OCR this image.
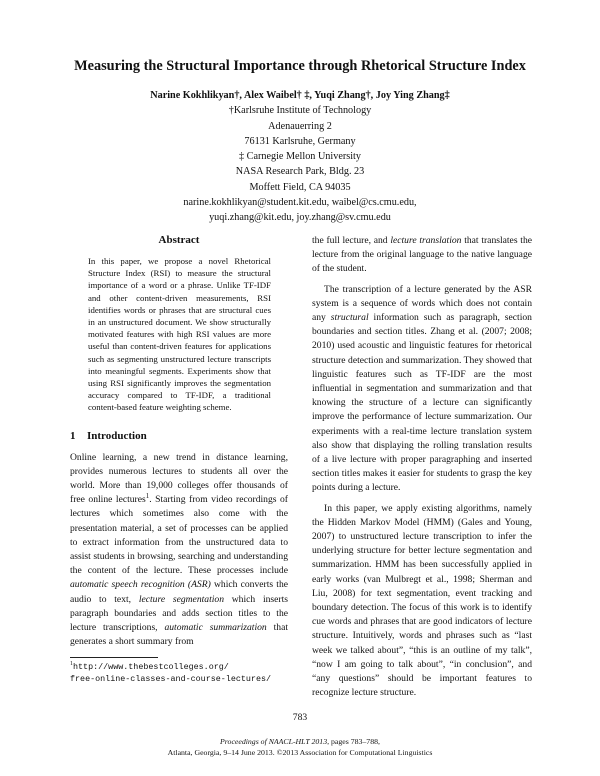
Measuring the Structural Importance through Rhetorical Structure Index
Narine Kokhlikyan†, Alex Waibel† ‡, Yuqi Zhang†, Joy Ying Zhang‡
†Karlsruhe Institute of Technology
Adenauerring 2
76131 Karlsruhe, Germany
‡ Carnegie Mellon University
NASA Research Park, Bldg. 23
Moffett Field, CA 94035
narine.kokhlikyan@student.kit.edu, waibel@cs.cmu.edu,
yuqi.zhang@kit.edu, joy.zhang@sv.cmu.edu
Abstract

In this paper, we propose a novel Rhetorical Structure Index (RSI) to measure the structural importance of a word or a phrase. Unlike TF-IDF and other content-driven measurements, RSI identifies words or phrases that are structural cues in an unstructured document. We show structurally motivated features with high RSI values are more useful than content-driven features for applications such as segmenting unstructured lecture transcripts into meaningful segments. Experiments show that using RSI significantly improves the segmentation accuracy compared to TF-IDF, a traditional content-based feature weighting scheme.

1 Introduction

Online learning, a new trend in distance learning, provides numerous lectures to students all over the world. More than 19,000 colleges offer thousands of free online lectures$^1$. Starting from video recordings of lectures which sometimes also come with the presentation material, a set of processes can be applied to extract information from the unstructured data to assist students in browsing, searching and understanding the content of the lecture. These processes include automatic speech recognition (ASR) which converts the audio to text, lecture segmentation which inserts paragraph boundaries and adds section titles to the lecture transcriptions, automatic summarization that generates a short summary from

$^1$http://www.thebestcolleges.org/
free-online-classes-and-course-lectures/

the full lecture, and lecture translation that translates the lecture from the original language to the native language of the student.

The transcription of a lecture generated by the ASR system is a sequence of words which does not contain any structural information such as paragraph, section boundaries and section titles. Zhang et al. (2007; 2008; 2010) used acoustic and linguistic features for rhetorical structure detection and summarization. They showed that linguistic features such as TF-IDF are the most influential in segmentation and summarization and that knowing the structure of a lecture can significantly improve the performance of lecture summarization. Our experiments with a real-time lecture translation system also show that displaying the rolling translation results of a live lecture with proper paragraphing and inserted section titles makes it easier for students to grasp the key points during a lecture.

In this paper, we apply existing algorithms, namely the Hidden Markov Model (HMM) (Gales and Young, 2007) to unstructured lecture transcription to infer the underlying structure for better lecture segmentation and summarization. HMM has been successfully applied in early works (van Mulbregt et al., 1998; Sherman and Liu, 2008) for text segmentation, event tracking and boundary detection. The focus of this work is to identify cue words and phrases that are good indicators of lecture structure. Intuitively, words and phrases such as “last week we talked about”, “this is an outline of my talk”, “now I am going to talk about”, “in conclusion”, and “any questions” should be important features to recognize lecture structure.

783
Proceedings of NAACL-HLT 2013, pages 783–788,
Atlanta, Georgia, 9–14 June 2013. ©2013 Association for Computational Linguistics
